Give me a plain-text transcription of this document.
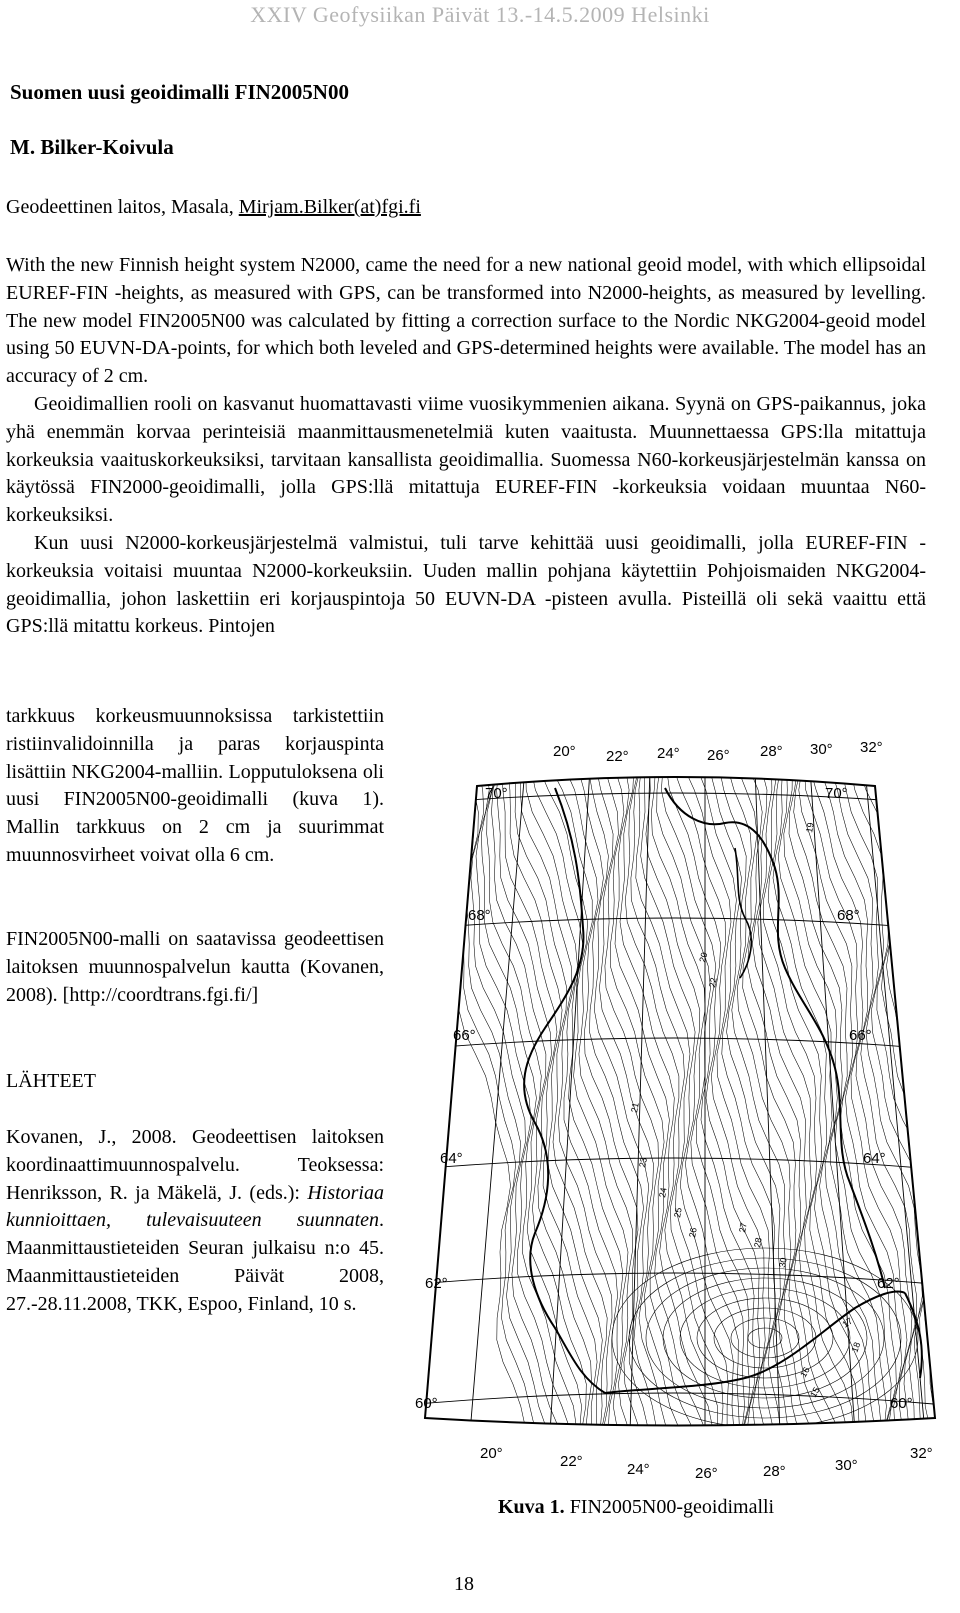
XXIV Geofysiikan Päivät 13.-14.5.2009 Helsinki
Suomen uusi geoidimalli FIN2005N00
M. Bilker-Koivula
Geodeettinen laitos, Masala, Mirjam.Bilker(at)fgi.fi

With the new Finnish height system N2000, came the need for a new national geoid model, with which ellipsoidal EUREF-FIN -heights, as measured with GPS, can be transformed into N2000-heights, as measured by levelling. The new model FIN2005N00 was calculated by fitting a correction surface to the Nordic NKG2004-geoid model using 50 EUVN-DA-points, for which both leveled and GPS-determined heights were available. The model has an accuracy of 2 cm.

Geoidimallien rooli on kasvanut huomattavasti viime vuosikymmenien aikana. Syynä on GPS-paikannus, joka yhä enemmän korvaa perinteisiä maanmittausmenetelmiä kuten vaaitusta. Muunnettaessa GPS:lla mitattuja korkeuksia vaaituskorkeuksiksi, tarvitaan kansallista geoidimallia. Suomessa N60-korkeusjärjestelmän kanssa on käytössä FIN2000-geoidimalli, jolla GPS:llä mitattuja EUREF-FIN -korkeuksia voidaan muuntaa N60-korkeuksiksi.

Kun uusi N2000-korkeusjärjestelmä valmistui, tuli tarve kehittää uusi geoidimalli, jolla EUREF-FIN -korkeuksia voitaisi muuntaa N2000-korkeuksiin. Uuden mallin pohjana käytettiin Pohjoismaiden NKG2004-geoidimallia, johon laskettiin eri korjauspintoja 50 EUVN-DA -pisteen avulla. Pisteillä oli sekä vaaittu että GPS:llä mitattu korkeus. Pintojen

tarkkuus korkeusmuunnoksissa tarkistettiin ristiinvalidoinnilla ja paras korjauspinta lisättiin NKG2004-malliin. Lopputuloksena oli uusi FIN2005N00-geoidimalli (kuva 1). Mallin tarkkuus on 2 cm ja suurimmat muunnosvirheet voivat olla 6 cm.

FIN2005N00-malli on saatavissa geodeettisen laitoksen muunnospalvelun kautta (Kovanen, 2008). [http://coordtrans.fgi.fi/]

LÄHTEET

Kovanen, J., 2008. Geodeettisen laitoksen koordinaattimuunnospalvelu. Teoksessa: Henriksson, R. ja Mäkelä, J. (eds.): Historiaa kunnioittaen, tulevaisuuteen suunnaten. Maanmittaustieteiden Seuran julkaisu n:o 45. Maanmittaustieteiden Päivät 2008, 27.-28.11.2008, TKK, Espoo, Finland, 10 s.

20° 22° 24° 26° 28° 30° 32°
20°	22°	24°	26°	28°	30°
32°
70°
68°
66°
64°
62°
60°
70°
68°
66°
64°
62°
60°
19
20
21
22
23
24
25
26	27
28
30
17
18
16
15
Kuva 1. FIN2005N00-geoidimalli
18
